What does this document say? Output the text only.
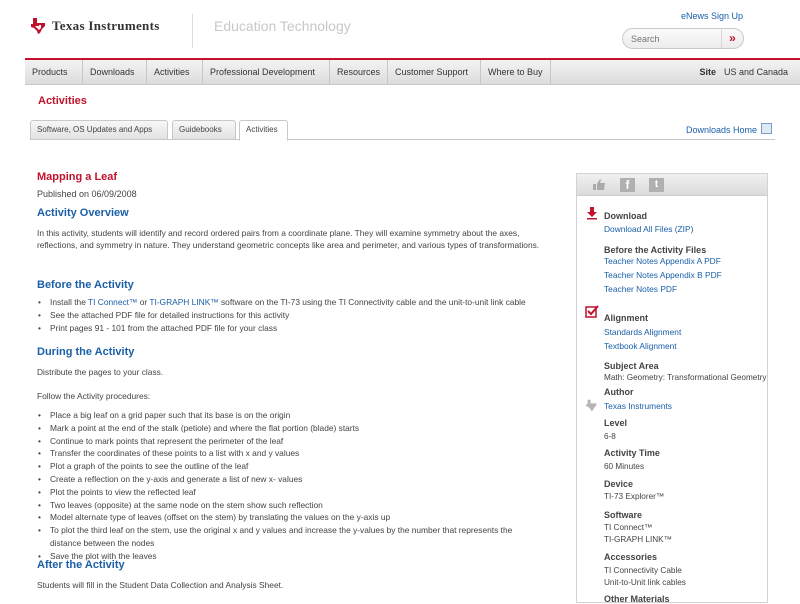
Texas Instruments	Education Technology
eNews Sign Up
Search
»
Products	Downloads	Activities	Professional Development	Resources	Customer Support	Where to Buy	Site US and Canada
Activities
Software, OS Updates and Apps	Guidebooks	Activities	Downloads Home
Mapping a Leaf
Published on 06/09/2008
Activity Overview
In this activity, students will identify and record ordered pairs from a coordinate plane. They will examine symmetry about the axes, reflections, and symmetry in nature. They understand geometric concepts like area and perimeter, and various types of transformations.
Before the Activity
• Install the TI Connect™ or TI-GRAPH LINK™ software on the TI-73 using the TI Connectivity cable and the unit-to-unit link cable
• See the attached PDF file for detailed instructions for this activity
• Print pages 91 - 101 from the attached PDF file for your class
During the Activity
Distribute the pages to your class.
Follow the Activity procedures:
• Place a big leaf on a grid paper such that its base is on the origin
• Mark a point at the end of the stalk (petiole) and where the flat portion (blade) starts
• Continue to mark points that represent the perimeter of the leaf
• Transfer the coordinates of these points to a list with x and y values
• Plot a graph of the points to see the outline of the leaf
• Create a reflection on the y-axis and generate a list of new x- values
• Plot the points to view the reflected leaf
• Two leaves (opposite) at the same node on the stem show such reflection
• Model alternate type of leaves (offset on the stem) by translating the values on the y-axis up
• To plot the third leaf on the stem, use the original x and y values and increase the y-values by the number that represents the distance between the nodes
• Save the plot with the leaves
After the Activity
Students will fill in the Student Data Collection and Analysis Sheet.
f	t
Download
Download All Files (ZIP)
Before the Activity Files
Teacher Notes Appendix A PDF
Teacher Notes Appendix B PDF
Teacher Notes PDF
Alignment
Standards Alignment
Textbook Alignment
Subject Area
Math: Geometry: Transformational Geometry
Author
Texas Instruments
Level
6-8
Activity Time
60 Minutes
Device
TI-73 Explorer™
Software
TI Connect™
TI-GRAPH LINK™
Accessories
TI Connectivity Cable
Unit-to-Unit link cables
Other Materials
